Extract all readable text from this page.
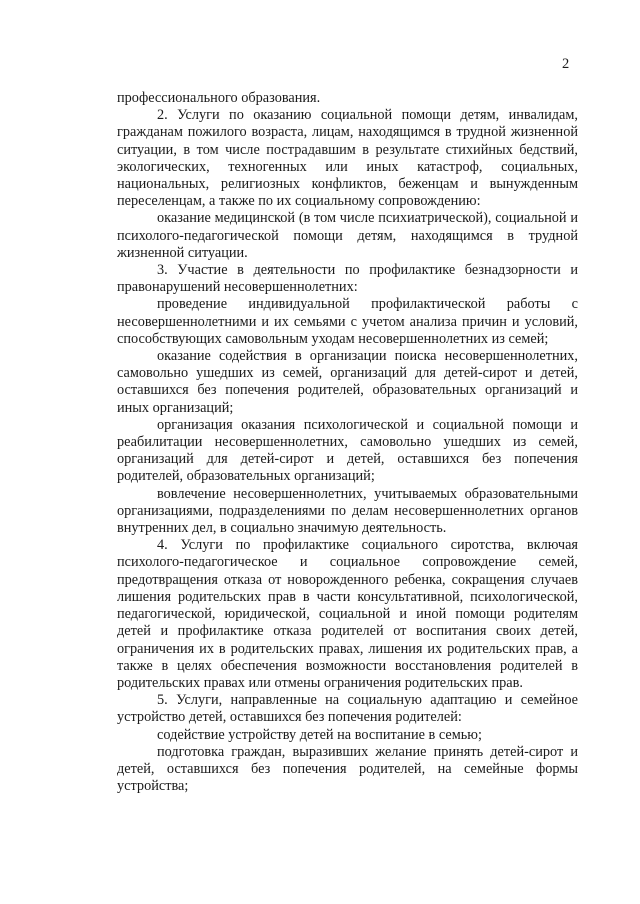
2

профессионального образования.

2. Услуги по оказанию социальной помощи детям, инвалидам, гражданам пожилого возраста, лицам, находящимся в трудной жизненной ситуации, в том числе пострадавшим в результате стихийных бедствий, экологических, техногенных или иных катастроф, социальных, национальных, религиозных конфликтов, беженцам и вынужденным переселенцам, а также по их социальному сопровождению:

оказание медицинской (в том числе психиатрической), социальной и психолого-педагогической помощи детям, находящимся в трудной жизненной ситуации.

3. Участие в деятельности по профилактике безнадзорности и правонарушений несовершеннолетних:

проведение индивидуальной профилактической работы с несовершеннолетними и их семьями с учетом анализа причин и условий, способствующих самовольным уходам несовершеннолетних из семей;

оказание содействия в организации поиска несовершеннолетних, самовольно ушедших из семей, организаций для детей-сирот и детей, оставшихся без попечения родителей, образовательных организаций и иных организаций;

организация оказания психологической и социальной помощи и реабилитации несовершеннолетних, самовольно ушедших из семей, организаций для детей-сирот и детей, оставшихся без попечения родителей, образовательных организаций;

вовлечение несовершеннолетних, учитываемых образовательными организациями, подразделениями по делам несовершеннолетних органов внутренних дел, в социально значимую деятельность.

4. Услуги по профилактике социального сиротства, включая психолого-педагогическое и социальное сопровождение семей, предотвращения отказа от новорожденного ребенка, сокращения случаев лишения родительских прав в части консультативной, психологической, педагогической, юридической, социальной и иной помощи родителям детей и профилактике отказа родителей от воспитания своих детей, ограничения их в родительских правах, лишения их родительских прав, а также в целях обеспечения возможности восстановления родителей в родительских правах или отмены ограничения родительских прав.

5. Услуги, направленные на социальную адаптацию и семейное устройство детей, оставшихся без попечения родителей:

содействие устройству детей на воспитание в семью;

подготовка граждан, выразивших желание принять детей-сирот и детей, оставшихся без попечения родителей, на семейные формы устройства;
